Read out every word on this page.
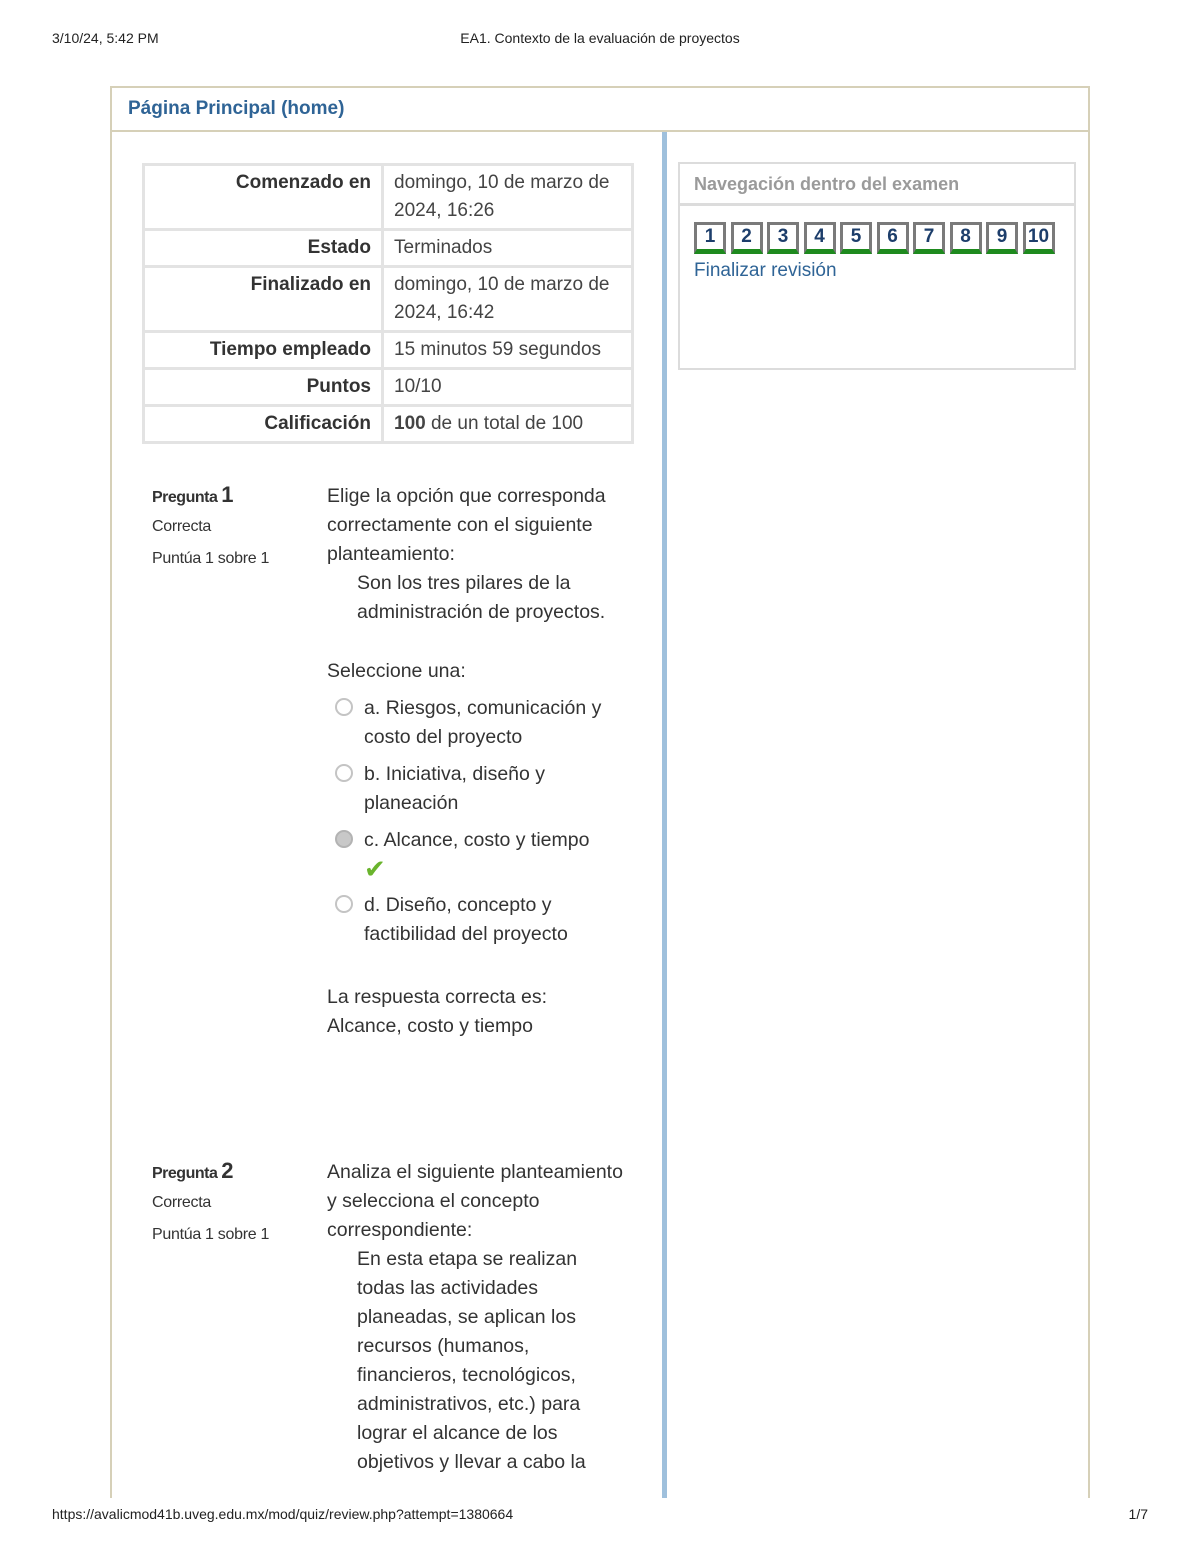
3/10/24, 5:42 PM	EA1. Contexto de la evaluación de proyectos
Página Principal (home)
Comenzado en	domingo, 10 de marzo de 2024, 16:26
Estado	Terminados
Finalizado en	domingo, 10 de marzo de 2024, 16:42
Tiempo empleado	15 minutos 59 segundos
Puntos	10/10
Calificación	100 de un total de 100
Pregunta 1
Correcta
Puntúa 1 sobre 1
Elige la opción que corresponda correctamente con el siguiente planteamiento:
Son los tres pilares de la administración de proyectos.
Seleccione una:
a. Riesgos, comunicación y costo del proyecto
b. Iniciativa, diseño y planeación
c. Alcance, costo y tiempo
✔
d. Diseño, concepto y factibilidad del proyecto
La respuesta correcta es:
Alcance, costo y tiempo
Pregunta 2
Correcta
Puntúa 1 sobre 1
Analiza el siguiente planteamiento y selecciona el concepto correspondiente:
En esta etapa se realizan todas las actividades planeadas, se aplican los recursos (humanos, financieros, tecnológicos, administrativos, etc.) para lograr el alcance de los objetivos y llevar a cabo la
Navegación dentro del examen
1 2 3 4 5 6 7 8 9 10
Finalizar revisión
https://avalicmod41b.uveg.edu.mx/mod/quiz/review.php?attempt=1380664	1/7
